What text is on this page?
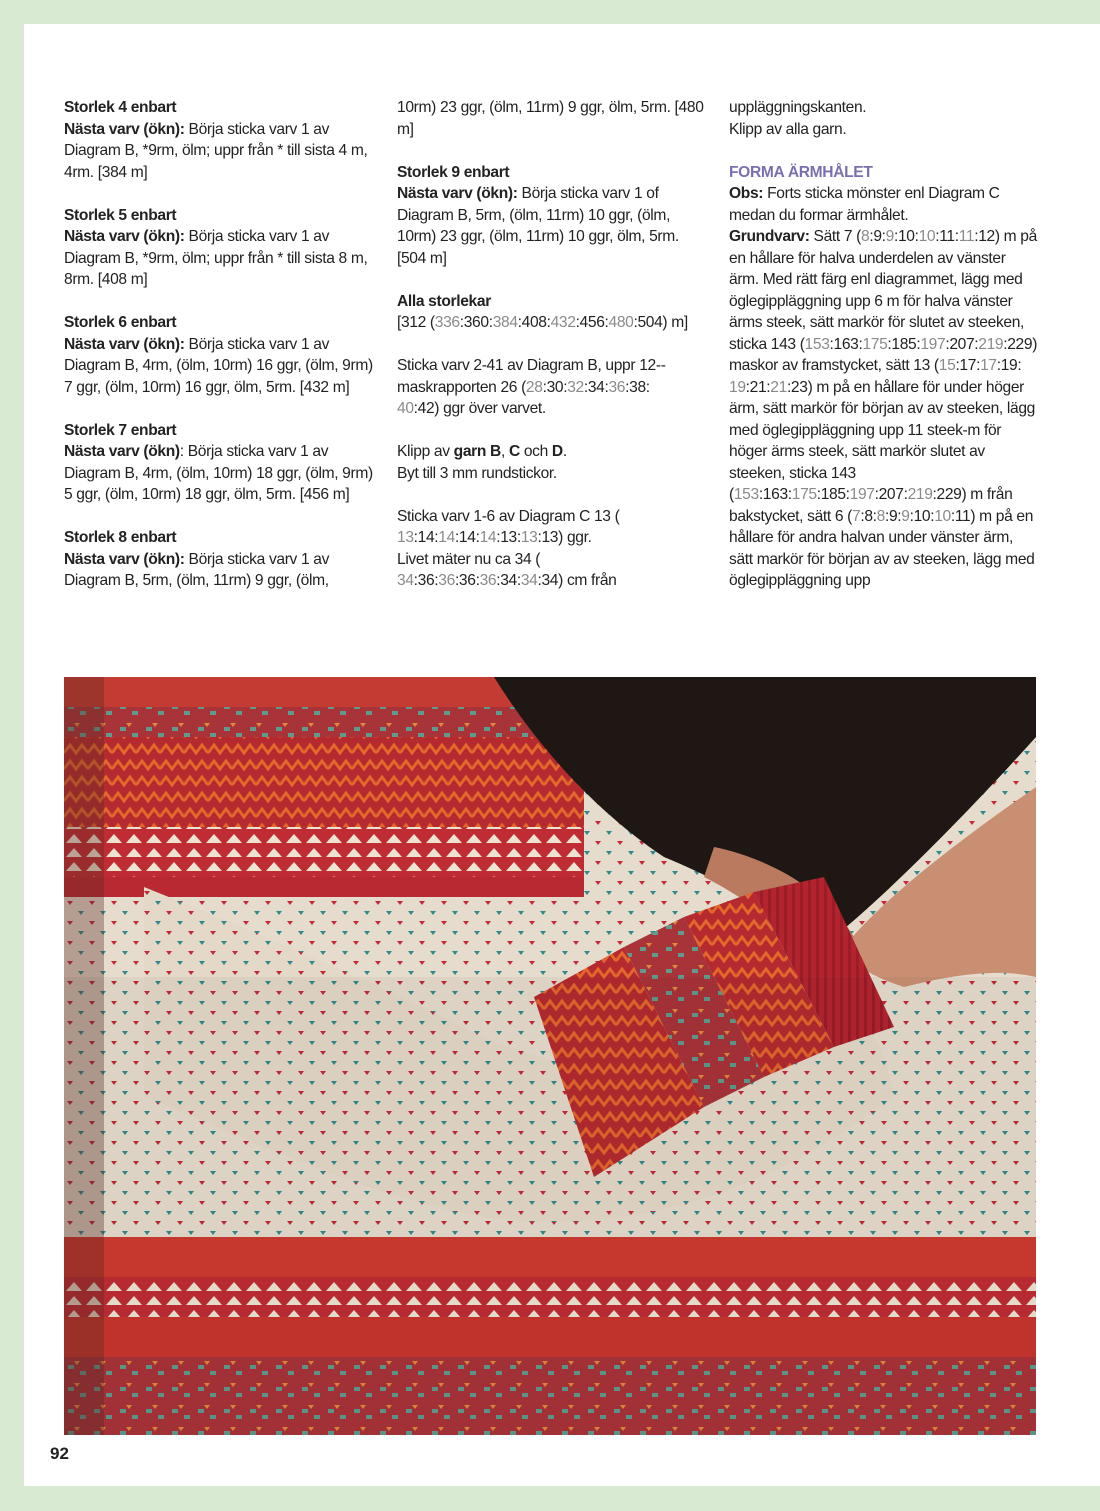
Storlek 4 enbart
Nästa varv (ökn): Börja sticka varv 1 av Diagram B, *9rm, ölm; uppr från * till sista 4 m, 4rm. [384 m]

Storlek 5 enbart
Nästa varv (ökn): Börja sticka varv 1 av Diagram B, *9rm, ölm; uppr från * till sista 8 m, 8rm. [408 m]

Storlek 6 enbart
Nästa varv (ökn): Börja sticka varv 1 av Diagram B, 4rm, (ölm, 10rm) 16 ggr, (ölm, 9rm) 7 ggr, (ölm, 10rm) 16 ggr, ölm, 5rm. [432 m]

Storlek 7 enbart
Nästa varv (ökn): Börja sticka varv 1 av Diagram B, 4rm, (ölm, 10rm) 18 ggr, (ölm, 9rm) 5 ggr, (ölm, 10rm) 18 ggr, ölm, 5rm. [456 m]

Storlek 8 enbart
Nästa varv (ökn): Börja sticka varv 1 av Diagram B, 5rm, (ölm, 11rm) 9 ggr, (ölm,

10rm) 23 ggr, (ölm, 11rm) 9 ggr, ölm, 5rm. [480 m]

Storlek 9 enbart
Nästa varv (ökn): Börja sticka varv 1 of Diagram B, 5rm, (ölm, 11rm) 10 ggr, (ölm, 10rm) 23 ggr, (ölm, 11rm) 10 ggr, ölm, 5rm. [504 m]

Alla storlekar
[312 (336:360:384:408:432:456:480:504) m]

Sticka varv 2-41 av Diagram B, uppr 12--maskrapporten 26 (28:30:32:34:36:38:
40:42) ggr över varvet.

Klipp av garn B, C och D.
Byt till 3 mm rundstickor.

Sticka varv 1-6 av Diagram C 13 (
13:14:14:14:14:13:13:13) ggr.
Livet mäter nu ca 34 (
34:36:36:36:36:34:34:34) cm från

uppläggningskanten.
Klipp av alla garn.

FORMA ÄRMHÅLET
Obs: Forts sticka mönster enl Diagram C medan du formar ärmhålet.
Grundvarv: Sätt 7 (8:9:9:10:10:11:11:12) m på en hållare för halva underdelen av vänster ärm. Med rätt färg enl diagrammet, lägg med öglegippläggning upp 6 m för halva vänster ärms steek, sätt markör för slutet av steeken, sticka 143 (153:163:175:185:197:207:219:229) maskor av framstycket, sätt 13 (15:17:17:19: 19:21:21:23) m på en hållare för under höger ärm, sätt markör för början av av steeken, lägg med öglegippläggning upp 11 steek-m för höger ärms steek, sätt markör slutet av steeken, sticka 143 (153:163:175:185:197:207:219:229) m från bakstycket, sätt 6 (7:8:8:9:9:10:10:11) m på en hållare för andra halvan under vänster ärm, sätt markör för början av av steeken, lägg med öglegippläggning upp

92
